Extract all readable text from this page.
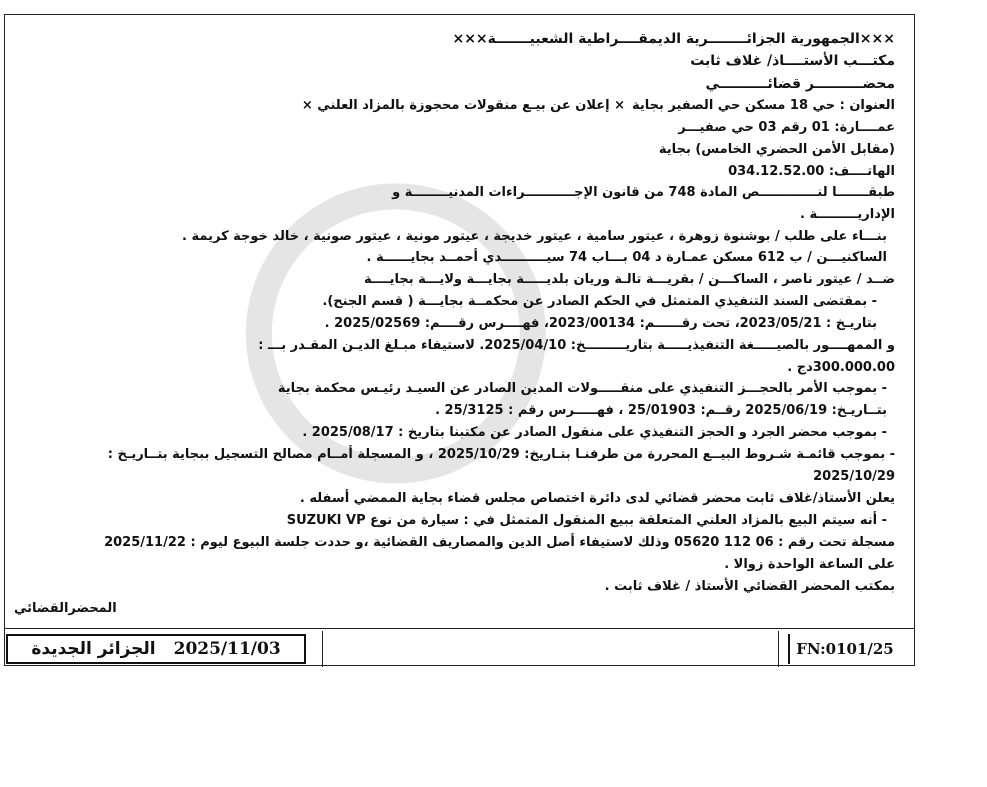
×××الجمهورية الجزائــــــــرية الديمقــــراطية الشعبيـــــــة×××
مكتـــب الأستــــاذ/ غلاف ثابت
محضــــــــــر قضائــــــــــي
العنوان : حي 18 مسكن حي الصفير بجاية
× إعلان عن بيـع منقولات محجوزة بالمزاد العلني ×
عمــــارة: 01 رقم 03 حي صفيـــر
(مقابل الأمن الحضري الخامس) بجاية
الهاتــــف: 034.12.52.00
طبقـــــــا لنـــــــــــــص المادة 748 من قانون الإجـــــــــــراءات المدنيــــــــة و
الإداريـــــــــة .
بنـــاء على طلب / بوشنوة زوهرة ، عيتور سامية ، عيتور خديجة ، عيتور مونية ، عيتور صونية ، خالد خوجة كريمة .
الساكنيـــن / ب 612 مسكن عمـارة د 04 بـــاب 74 سيــــــــــدي أحمــد بجايــــــة .
ضــد / عيتور ناصر ، الساكـــن / بقريـــة تالـة وريان بلديـــــة بجايـــة ولايـــة بجايــــة
- بمقتضى السند التنفيذي المتمثل في الحكم الصادر عن محكمــة بجايـــة ( قسم الجنح).
بتاريـخ : 2023/05/21، تحت رقــــــم: 2023/00134، فهــــرس رقــــم: 2025/02569 .
و الممهــــور بالصيـــــغة التنفيذيـــــة بتاريـــــــــخ: 2025/04/10. لاستيفاء مبـلغ الديـن المقـدر بـــ :
300.000.00دج .
- بموجب الأمر بالحجـــز التنفيذي على منقـــــولات المدين الصادر عن السيـد رئيـس محكمة بجاية
بتــاريـخ: 2025/06/19 رقــم: 25/01903 ، فهـــــرس رقم : 25/3125 .
- بموجب محضر الجرد و الحجز التنفيذي على منقول الصادر عن مكتبنا بتاريخ : 2025/08/17 .
- بموجب قائمـة شـروط البيــع المحررة من طرفنـا بتـاريخ: 2025/10/29 ، و المسجلة أمــام مصالح التسجيل ببجاية بتــاريـخ :
2025/10/29
يعلن الأستاذ/غلاف ثابت محضر قضائي لدى دائرة اختصاص مجلس قضاء بجاية الممضي أسفله .
- أنه سيتم البيع بالمزاد العلني المتعلقة ببيع المنقول المتمثل في : سيارة من نوع SUZUKI VP
مسجلة تحت رقم : 06 112 05620 وذلك لاستيفاء أصل الدين والمصاريف القضائية ،و حددت جلسة البيوع ليوم : 2025/11/22
على الساعة الواحدة زوالا .
بمكتب المحضر القضائي الأستاذ / غلاف ثابت .
المحضرالقضائي
الجزائر الجديدة 2025/11/03	FN:0101/25
